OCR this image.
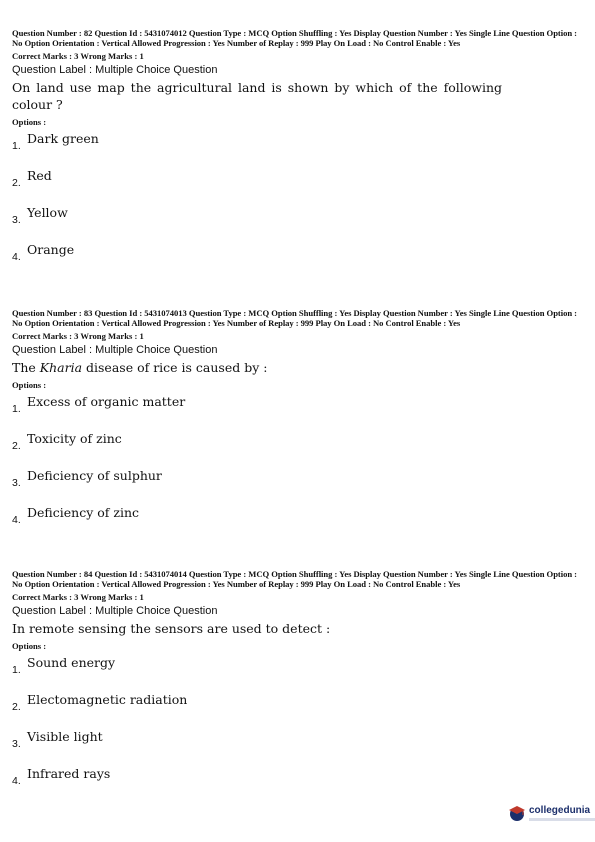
Question Number : 82 Question Id : 5431074012 Question Type : MCQ Option Shuffling : Yes Display Question Number : Yes Single Line Question Option : No Option Orientation : Vertical Allowed Progression : Yes Number of Replay : 999 Play On Load : No Control Enable : Yes
Correct Marks : 3 Wrong Marks : 1
Question Label : Multiple Choice Question
On land use map the agricultural land is shown by which of the following colour ?
Options :
1. Dark green
2. Red
3. Yellow
4. Orange
Question Number : 83 Question Id : 5431074013 Question Type : MCQ Option Shuffling : Yes Display Question Number : Yes Single Line Question Option : No Option Orientation : Vertical Allowed Progression : Yes Number of Replay : 999 Play On Load : No Control Enable : Yes
Correct Marks : 3 Wrong Marks : 1
Question Label : Multiple Choice Question
The Kharia disease of rice is caused by :
Options :
1. Excess of organic matter
2. Toxicity of zinc
3. Deficiency of sulphur
4. Deficiency of zinc
Question Number : 84 Question Id : 5431074014 Question Type : MCQ Option Shuffling : Yes Display Question Number : Yes Single Line Question Option : No Option Orientation : Vertical Allowed Progression : Yes Number of Replay : 999 Play On Load : No Control Enable : Yes
Correct Marks : 3 Wrong Marks : 1
Question Label : Multiple Choice Question
In remote sensing the sensors are used to detect :
Options :
1. Sound energy
2. Electomagnetic radiation
3. Visible light
4. Infrared rays
collegedunia
